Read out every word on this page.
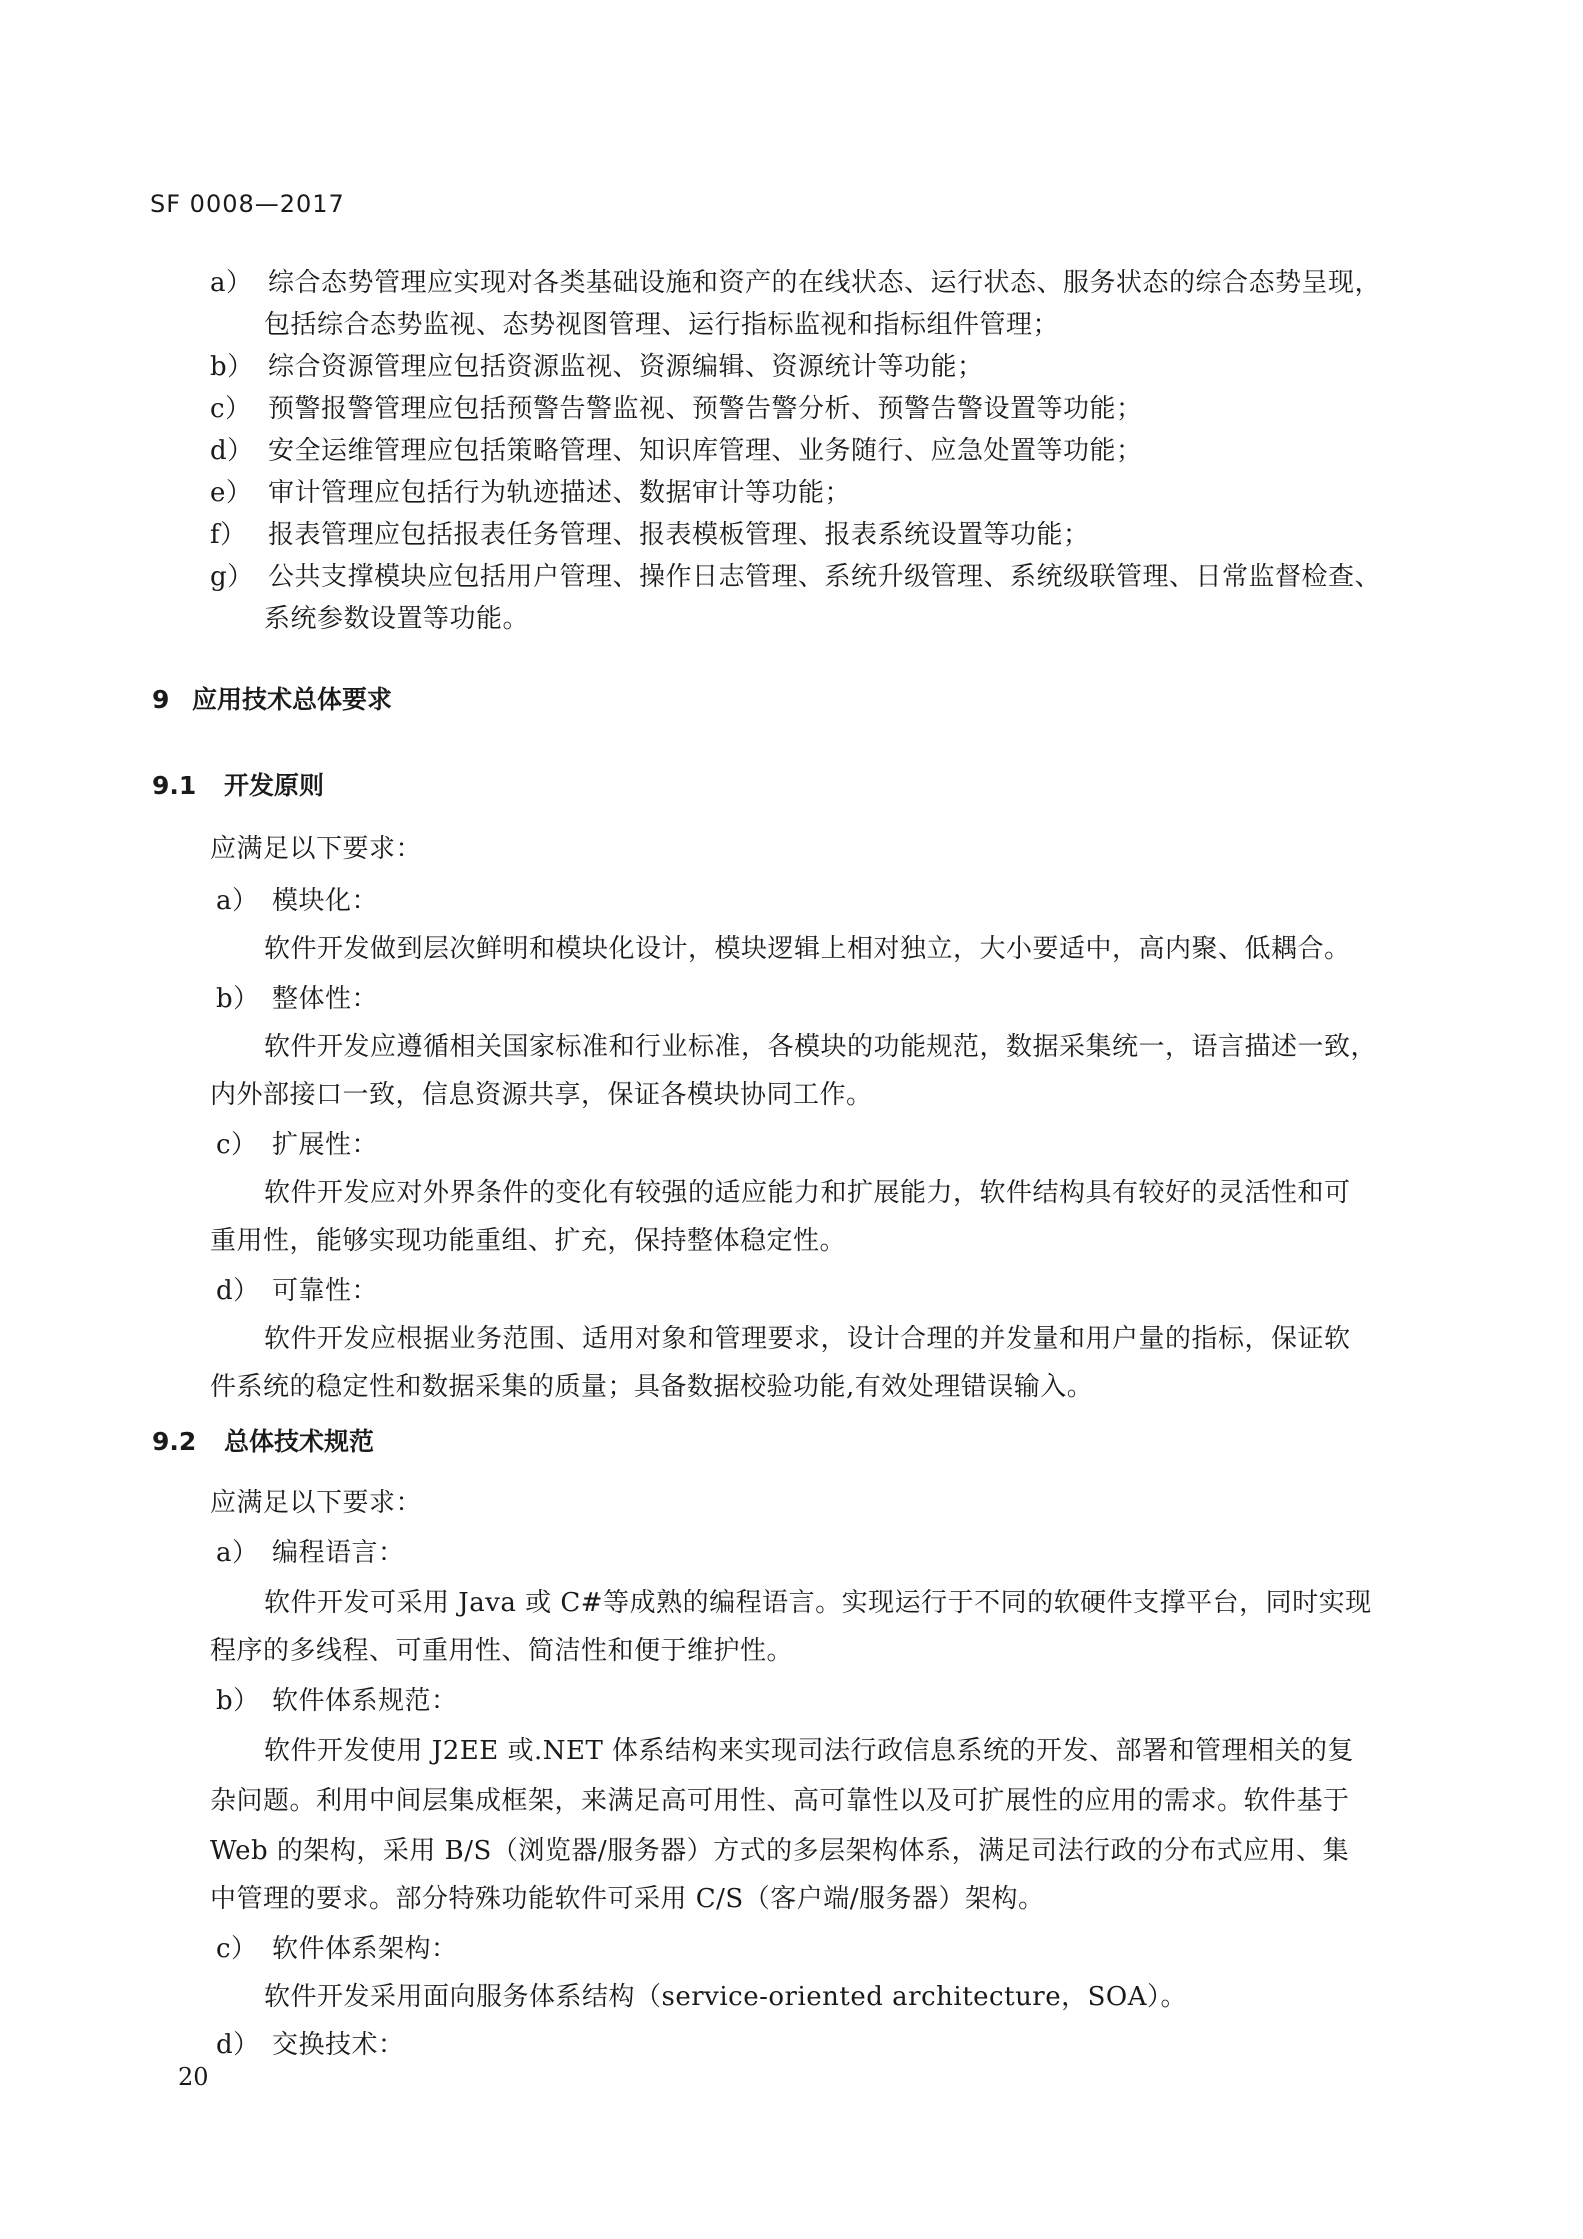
SF 0008—2017
a） 综合态势管理应实现对各类基础设施和资产的在线状态、运行状态、服务状态的综合态势呈现，
包括综合态势监视、态势视图管理、运行指标监视和指标组件管理；
b） 综合资源管理应包括资源监视、资源编辑、资源统计等功能；
c） 预警报警管理应包括预警告警监视、预警告警分析、预警告警设置等功能；
d） 安全运维管理应包括策略管理、知识库管理、业务随行、应急处置等功能；
e） 审计管理应包括行为轨迹描述、数据审计等功能；
f） 报表管理应包括报表任务管理、报表模板管理、报表系统设置等功能；
g） 公共支撑模块应包括用户管理、操作日志管理、系统升级管理、系统级联管理、日常监督检查、
系统参数设置等功能。
9 应用技术总体要求
9.1 开发原则
应满足以下要求：
a） 模块化：
软件开发做到层次鲜明和模块化设计，模块逻辑上相对独立，大小要适中，高内聚、低耦合。
b） 整体性：
软件开发应遵循相关国家标准和行业标准，各模块的功能规范，数据采集统一，语言描述一致，
内外部接口一致，信息资源共享，保证各模块协同工作。
c） 扩展性：
软件开发应对外界条件的变化有较强的适应能力和扩展能力，软件结构具有较好的灵活性和可
重用性，能够实现功能重组、扩充，保持整体稳定性。
d） 可靠性：
软件开发应根据业务范围、适用对象和管理要求，设计合理的并发量和用户量的指标，保证软
件系统的稳定性和数据采集的质量；具备数据校验功能,有效处理错误输入。
9.2 总体技术规范
应满足以下要求：
a） 编程语言：
软件开发可采用 Java 或 C#等成熟的编程语言。实现运行于不同的软硬件支撑平台，同时实现
程序的多线程、可重用性、简洁性和便于维护性。
b） 软件体系规范：
软件开发使用 J2EE 或.NET 体系结构来实现司法行政信息系统的开发、部署和管理相关的复
杂问题。利用中间层集成框架，来满足高可用性、高可靠性以及可扩展性的应用的需求。软件基于
Web 的架构，采用 B/S（浏览器/服务器）方式的多层架构体系，满足司法行政的分布式应用、集
中管理的要求。部分特殊功能软件可采用 C/S（客户端/服务器）架构。
c） 软件体系架构：
软件开发采用面向服务体系结构（service-oriented architecture，SOA）。
d） 交换技术：
20
